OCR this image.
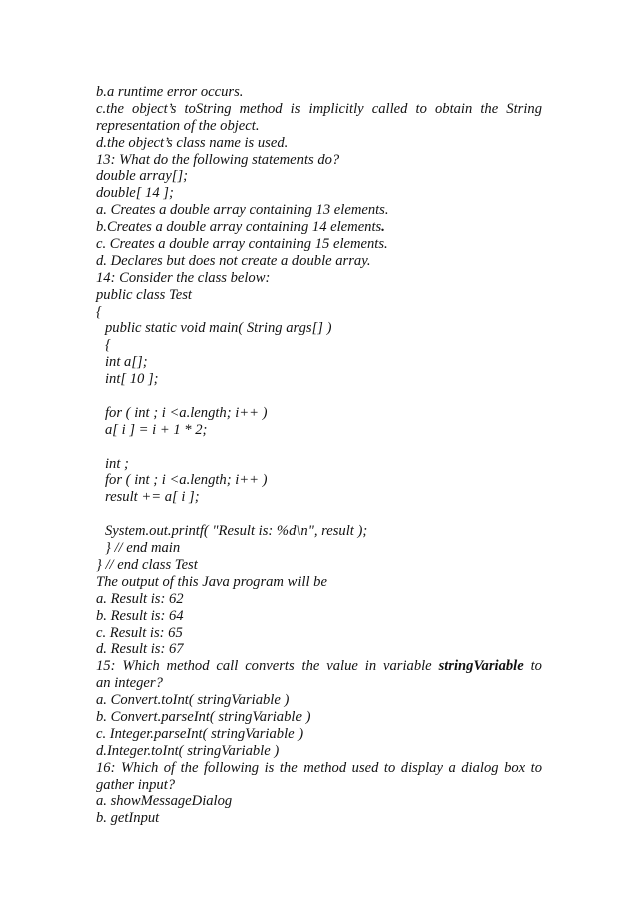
b.a runtime error occurs.
c.the object’s toString method is implicitly called to obtain the String
representation of the object.
d.the object’s class name is used.
13: What do the following statements do?
double array[];
double[ 14 ];
a. Creates a double array containing 13 elements.
b.Creates a double array containing 14 elements.
c. Creates a double array containing 15 elements.
d. Declares but does not create a double array.
14: Consider the class below:
public class Test
{
public static void main( String args[] )
{
int a[];
int[ 10 ];
for ( int ; i <a.length; i++ )
a[ i ] = i + 1 * 2;
int ;
for ( int ; i <a.length; i++ )
result += a[ i ];
System.out.printf( "Result is: %d\n", result );
} // end main
} // end class Test
The output of this Java program will be
a. Result is: 62
b. Result is: 64
c. Result is: 65
d. Result is: 67
15: Which method call converts the value in variable stringVariable to
an integer?
a. Convert.toInt( stringVariable )
b. Convert.parseInt( stringVariable )
c. Integer.parseInt( stringVariable )
d.Integer.toInt( stringVariable )
16: Which of the following is the method used to display a dialog box to
gather input?
a. showMessageDialog
b. getInput
